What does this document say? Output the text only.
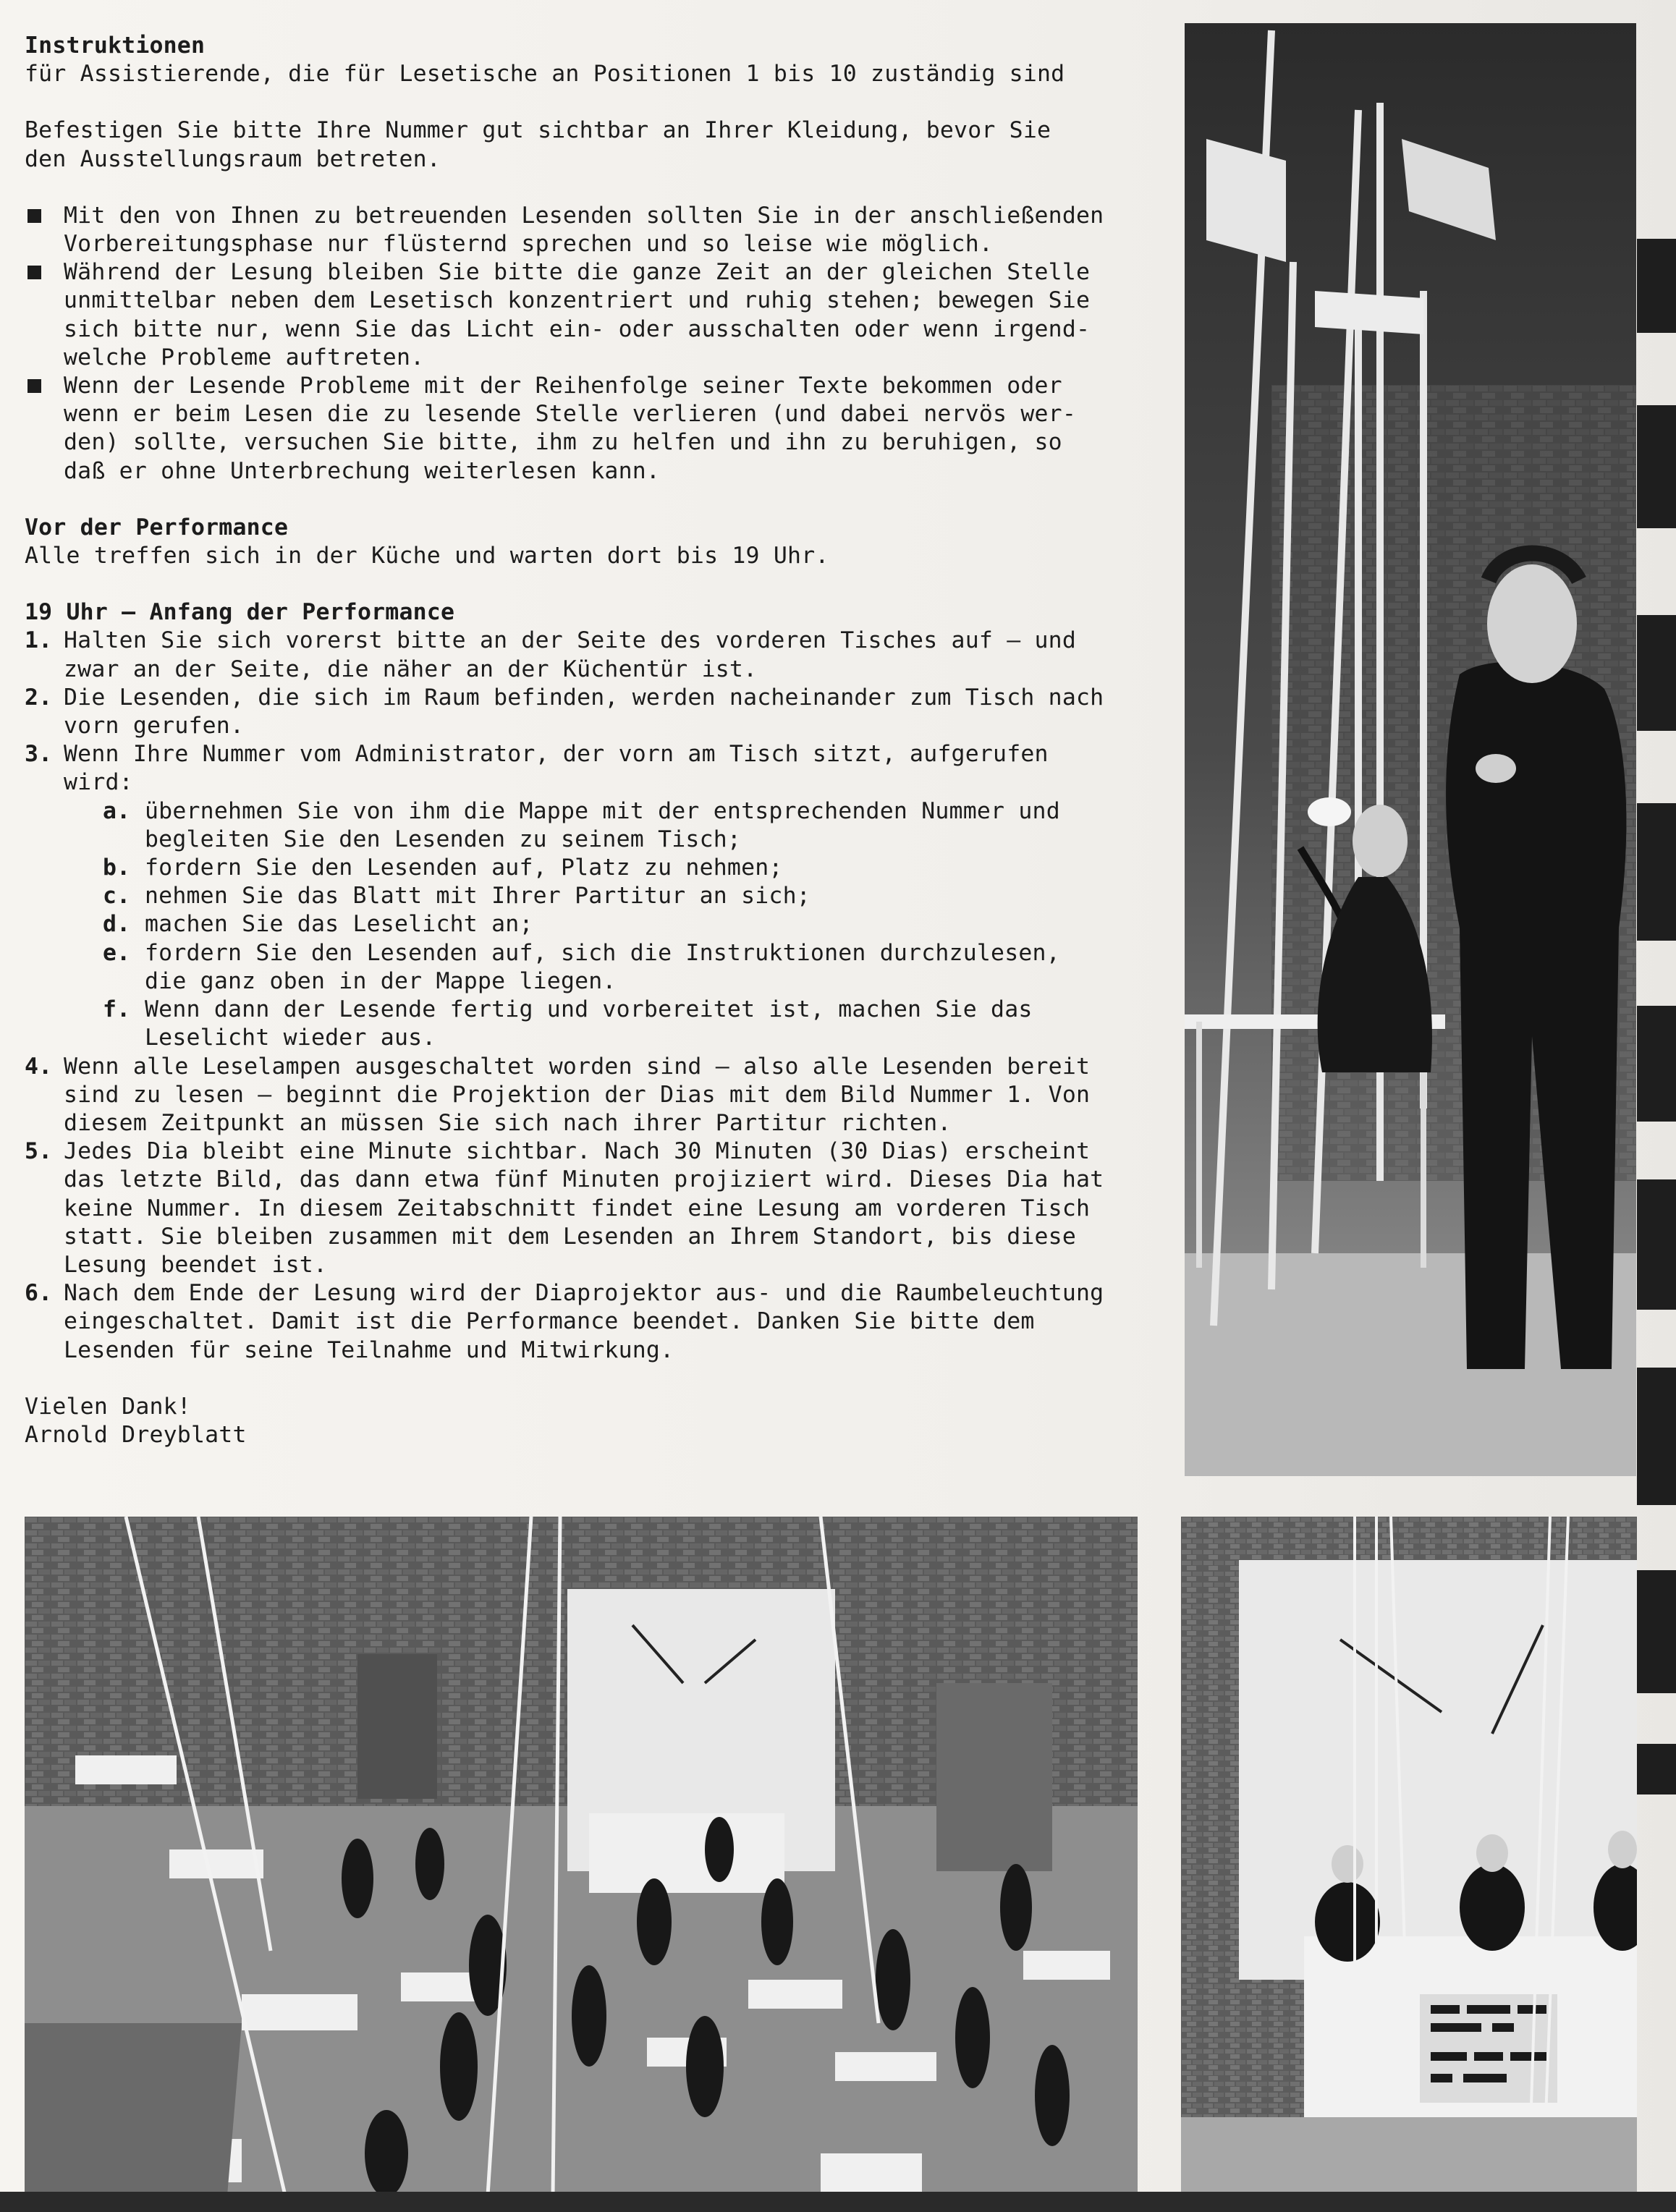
Instruktionen

für Assistierende, die für Lesetische an Positionen 1 bis 10 zuständig sind

Befestigen Sie bitte Ihre Nummer gut sichtbar an Ihrer Kleidung, bevor Sie

den Ausstellungsraum betreten.

Mit den von Ihnen zu betreuenden Lesenden sollten Sie in der anschließenden
Vorbereitungsphase nur flüsternd sprechen und so leise wie möglich.
Während der Lesung bleiben Sie bitte die ganze Zeit an der gleichen Stelle
unmittelbar neben dem Lesetisch konzentriert und ruhig stehen; bewegen Sie
sich bitte nur, wenn Sie das Licht ein- oder ausschalten oder wenn irgend-
welche Probleme auftreten.
Wenn der Lesende Probleme mit der Reihenfolge seiner Texte bekommen oder
wenn er beim Lesen die zu lesende Stelle verlieren (und dabei nervös wer-
den) sollte, versuchen Sie bitte, ihm zu helfen und ihn zu beruhigen, so
daß er ohne Unterbrechung weiterlesen kann.

Vor der Performance

Alle treffen sich in der Küche und warten dort bis 19 Uhr.

19 Uhr – Anfang der Performance

1. Halten Sie sich vorerst bitte an der Seite des vorderen Tisches auf – und
zwar an der Seite, die näher an der Küchentür ist.
2. Die Lesenden, die sich im Raum befinden, werden nacheinander zum Tisch nach
vorn gerufen.
3. Wenn Ihre Nummer vom Administrator, der vorn am Tisch sitzt, aufgerufen
wird:
a. übernehmen Sie von ihm die Mappe mit der entsprechenden Nummer und
begleiten Sie den Lesenden zu seinem Tisch;
b. fordern Sie den Lesenden auf, Platz zu nehmen;
c. nehmen Sie das Blatt mit Ihrer Partitur an sich;
d. machen Sie das Leselicht an;
e. fordern Sie den Lesenden auf, sich die Instruktionen durchzulesen,
die ganz oben in der Mappe liegen.
f. Wenn dann der Lesende fertig und vorbereitet ist, machen Sie das
Leselicht wieder aus.
4. Wenn alle Leselampen ausgeschaltet worden sind – also alle Lesenden bereit
sind zu lesen – beginnt die Projektion der Dias mit dem Bild Nummer 1. Von
diesem Zeitpunkt an müssen Sie sich nach ihrer Partitur richten.
5. Jedes Dia bleibt eine Minute sichtbar. Nach 30 Minuten (30 Dias) erscheint
das letzte Bild, das dann etwa fünf Minuten projiziert wird. Dieses Dia hat
keine Nummer. In diesem Zeitabschnitt findet eine Lesung am vorderen Tisch
statt. Sie bleiben zusammen mit dem Lesenden an Ihrem Standort, bis diese
Lesung beendet ist.
6. Nach dem Ende der Lesung wird der Diaprojektor aus- und die Raumbeleuchtung
eingeschaltet. Damit ist die Performance beendet. Danken Sie bitte dem
Lesenden für seine Teilnahme und Mitwirkung.

Vielen Dank!

Arnold Dreyblatt
